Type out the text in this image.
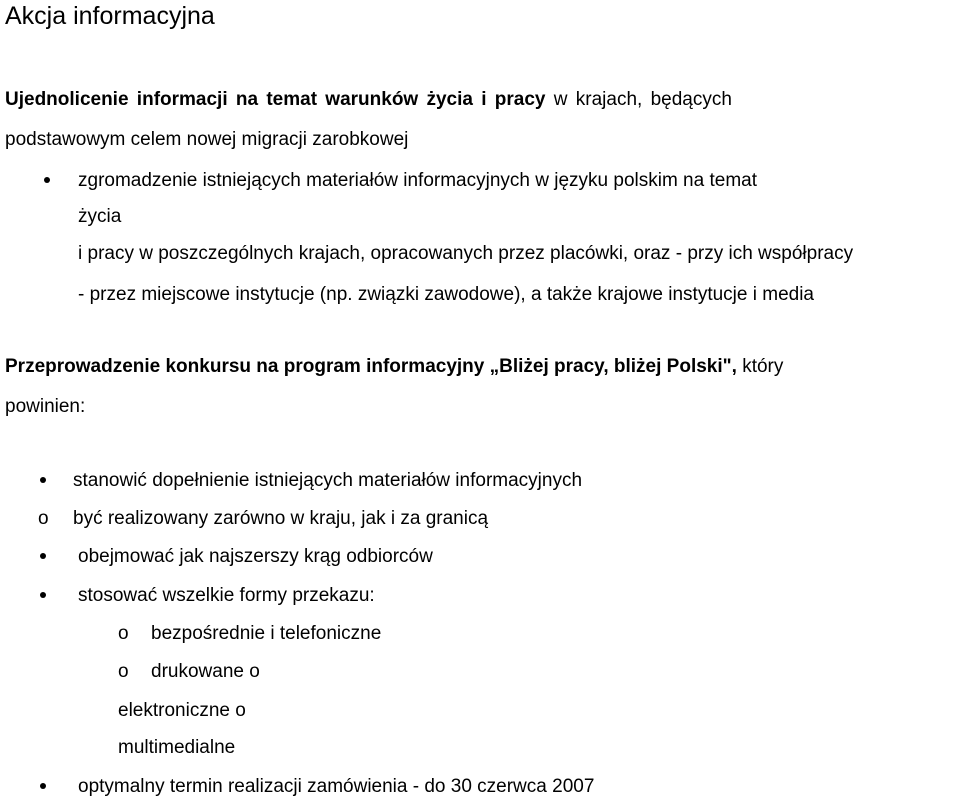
Akcja informacyjna
Ujednolicenie informacji na temat warunków życia i pracy w krajach, będących
podstawowym celem nowej migracji zarobkowej
zgromadzenie istniejących materiałów informacyjnych w języku polskim na temat
życia
i pracy w poszczególnych krajach, opracowanych przez placówki, oraz - przy ich współpracy
- przez miejscowe instytucje (np. związki zawodowe), a także krajowe instytucje i media
Przeprowadzenie konkursu na program informacyjny „Bliżej pracy, bliżej Polski", który
powinien:
stanowić dopełnienie istniejących materiałów informacyjnych
o być realizowany zarówno w kraju, jak i za granicą
obejmować jak najszerszy krąg odbiorców
stosować wszelkie formy przekazu:
o bezpośrednie i telefoniczne
o drukowane o
elektroniczne o
multimedialne
optymalny termin realizacji zamówienia - do 30 czerwca 2007
